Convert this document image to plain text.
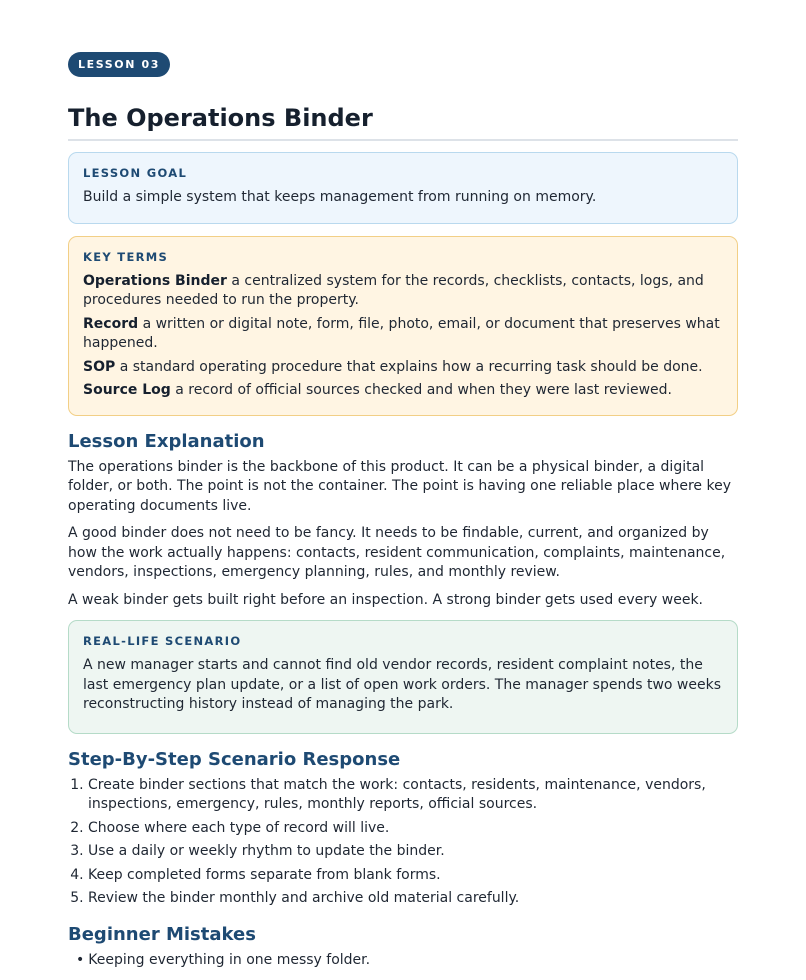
LESSON 03
The Operations Binder
LESSON GOAL

Build a simple system that keeps management from running on memory.

KEY TERMS

Operations Binder a centralized system for the records, checklists, contacts, logs, and procedures needed to run the property.

Record a written or digital note, form, file, photo, email, or document that preserves what happened.

SOP a standard operating procedure that explains how a recurring task should be done.

Source Log a record of official sources checked and when they were last reviewed.

Lesson Explanation

The operations binder is the backbone of this product. It can be a physical binder, a digital folder, or both. The point is not the container. The point is having one reliable place where key operating documents live.

A good binder does not need to be fancy. It needs to be findable, current, and organized by how the work actually happens: contacts, resident communication, complaints, maintenance, vendors, inspections, emergency planning, rules, and monthly review.

A weak binder gets built right before an inspection. A strong binder gets used every week.

REAL-LIFE SCENARIO

A new manager starts and cannot find old vendor records, resident complaint notes, the last emergency plan update, or a list of open work orders. The manager spends two weeks reconstructing history instead of managing the park.

Step-By-Step Scenario Response
1. Create binder sections that match the work: contacts, residents, maintenance, vendors, inspections, emergency, rules, monthly reports, official sources.
2. Choose where each type of record will live.
3. Use a daily or weekly rhythm to update the binder.
4. Keep completed forms separate from blank forms.
5. Review the binder monthly and archive old material carefully.
Beginner Mistakes
• Keeping everything in one messy folder.
